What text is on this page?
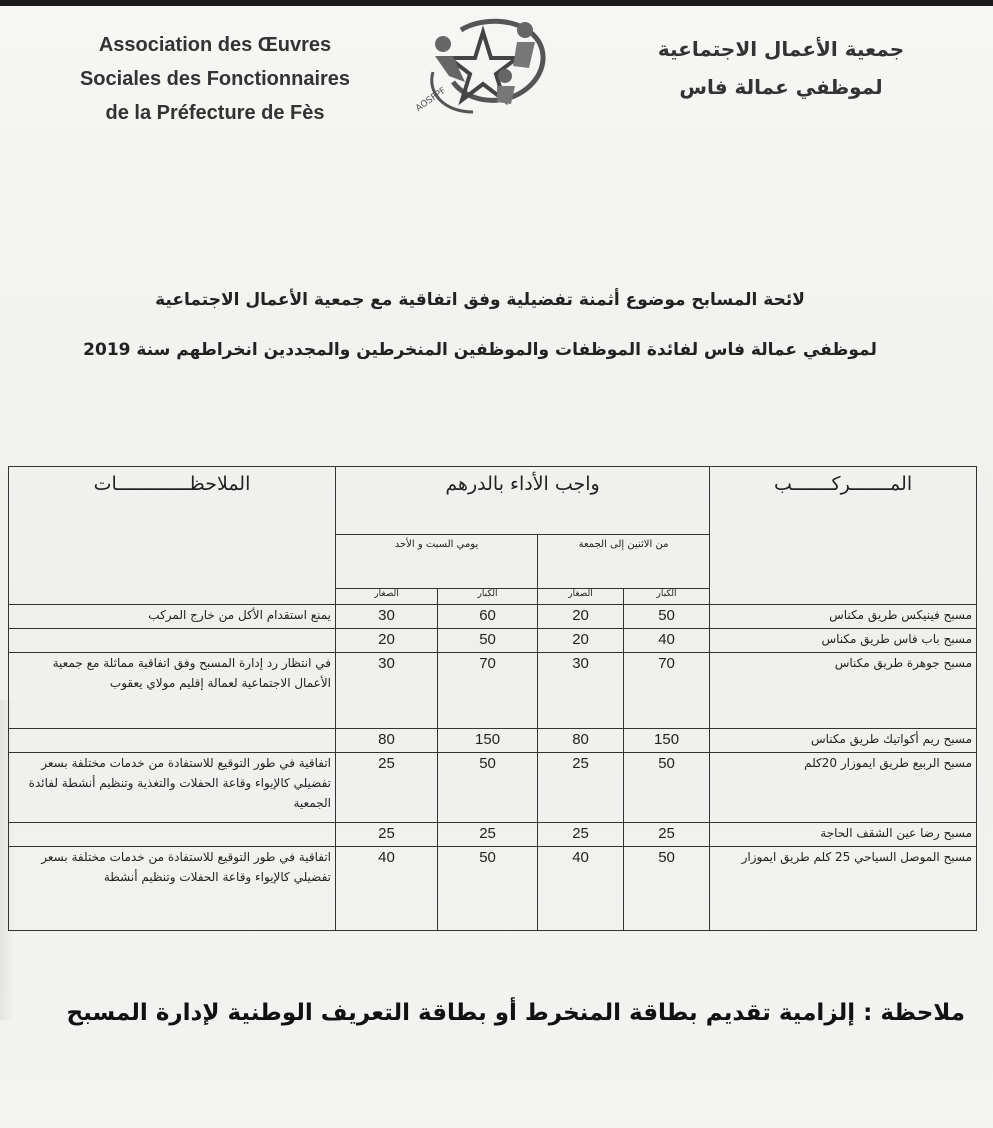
Association des Œuvres
Sociales des Fonctionnaires
de la Préfecture de Fès	AOSFPF
جمعية الأعمال الاجتماعية
لموظفي عمالة فاس
لائحة المسابح موضوع أثمنة تفضيلية وفق اتفاقية مع جمعية الأعمال الاجتماعية
لموظفي عمالة فاس لفائدة الموظفات والموظفين المنخرطين والمجددين انخراطهم سنة 2019
المـــــــركـــــــب	واجب الأداء بالدرهم				الملاحظـــــــــــــات
	من الاثنين إلى الجمعة		يومي السبت و الأحد		
	الكبار	الصغار	الكبار	الصغار	
مسبح فينيكس طريق مكناس	50	20	60	30	يمنع استقدام الأكل من خارج المركب
مسبح باب فاس طريق مكناس	40	20	50	20	
مسبح جوهرة طريق مكناس	70	30	70	30	في انتظار رد إدارة المسبح وفق اتفاقية مماثلة مع جمعية الأعمال الاجتماعية لعمالة إقليم مولاي يعقوب
مسبح ريم أكواتيك طريق مكناس	150	80	150	80	
مسبح الربيع طريق ايموزار 20كلم	50	25	50	25	اتفاقية في طور التوقيع للاستفادة من خدمات مختلفة بسعر تفضيلي كالإيواء وقاعة الحفلات والتغذية وتنظيم أنشطة لفائدة الجمعية
مسبح رضا عين الشقف الحاجة	25	25	25	25	
مسبح الموصل السياحي 25 كلم طريق ايموزار	50	40	50	40	اتفاقية في طور التوقيع للاستفادة من خدمات مختلفة بسعر تفضيلي كالإيواء وقاعة الحفلات وتنظيم أنشطة
ملاحظة : إلزامية تقديم بطاقة المنخرط أو بطاقة التعريف الوطنية لإدارة المسبح
